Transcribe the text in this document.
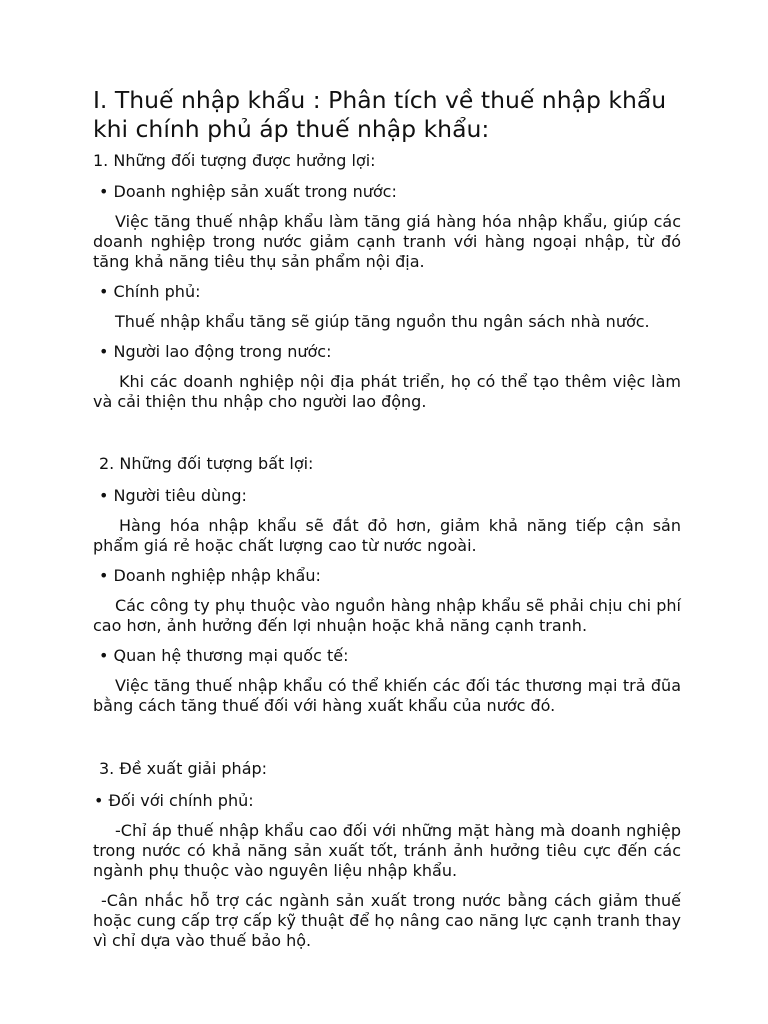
I. Thuế nhập khẩu : Phân tích về thuế nhập khẩu khi chính phủ áp thuế nhập khẩu:
1. Những đối tượng được hưởng lợi:
• Doanh nghiệp sản xuất trong nước:
Việc tăng thuế nhập khẩu làm tăng giá hàng hóa nhập khẩu, giúp các doanh nghiệp trong nước giảm cạnh tranh với hàng ngoại nhập, từ đó tăng khả năng tiêu thụ sản phẩm nội địa.
• Chính phủ:
Thuế nhập khẩu tăng sẽ giúp tăng nguồn thu ngân sách nhà nước.
• Người lao động trong nước:
Khi các doanh nghiệp nội địa phát triển, họ có thể tạo thêm việc làm và cải thiện thu nhập cho người lao động.
2. Những đối tượng bất lợi:
• Người tiêu dùng:
Hàng hóa nhập khẩu sẽ đắt đỏ hơn, giảm khả năng tiếp cận sản phẩm giá rẻ hoặc chất lượng cao từ nước ngoài.
• Doanh nghiệp nhập khẩu:
Các công ty phụ thuộc vào nguồn hàng nhập khẩu sẽ phải chịu chi phí cao hơn, ảnh hưởng đến lợi nhuận hoặc khả năng cạnh tranh.
• Quan hệ thương mại quốc tế:
Việc tăng thuế nhập khẩu có thể khiến các đối tác thương mại trả đũa bằng cách tăng thuế đối với hàng xuất khẩu của nước đó.
3. Đề xuất giải pháp:
• Đối với chính phủ:
-Chỉ áp thuế nhập khẩu cao đối với những mặt hàng mà doanh nghiệp trong nước có khả năng sản xuất tốt, tránh ảnh hưởng tiêu cực đến các ngành phụ thuộc vào nguyên liệu nhập khẩu.
-Cân nhắc hỗ trợ các ngành sản xuất trong nước bằng cách giảm thuế hoặc cung cấp trợ cấp kỹ thuật để họ nâng cao năng lực cạnh tranh thay vì chỉ dựa vào thuế bảo hộ.
